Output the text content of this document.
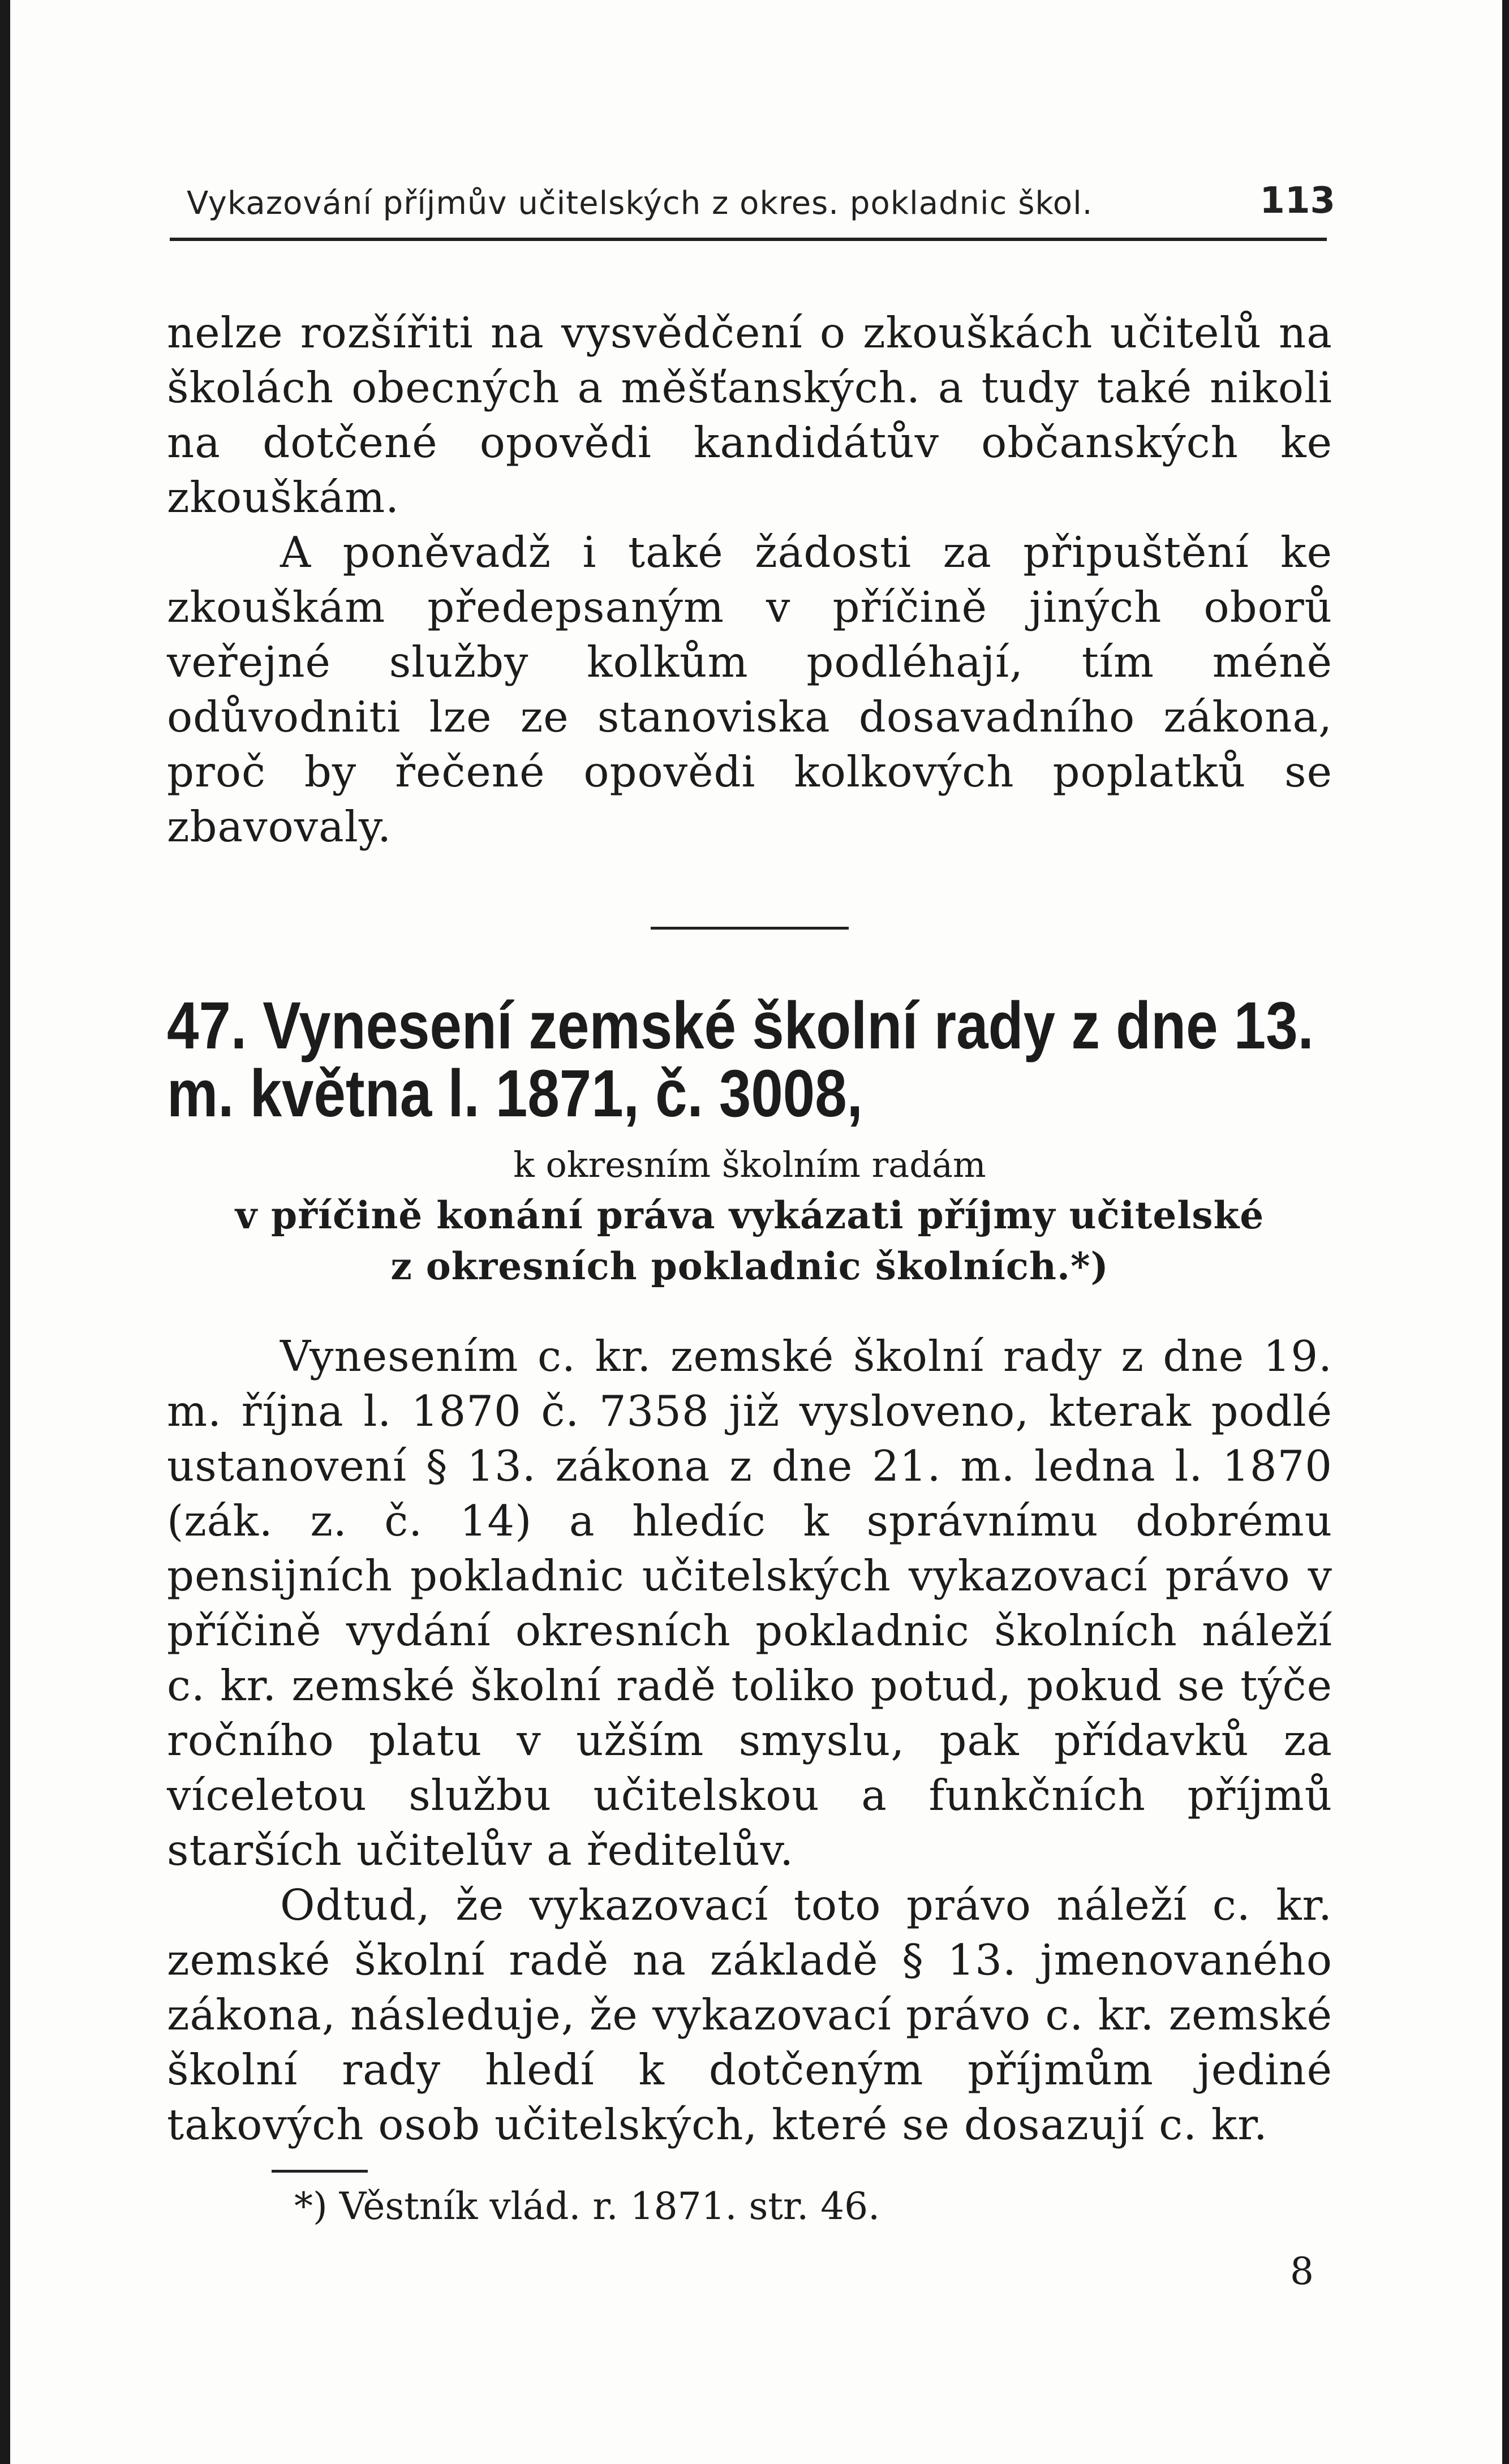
Vykazování příjmův učitelských z okres. pokladnic škol.	113

nelze rozšířiti na vysvědčení o zkouškách učitelů na školách obecných a měšťanských. a tudy také nikoli na dotčené opovědi kandidátův občanských ke zkouškám.

A poněvadž i také žádosti za připuštění ke zkouškám předepsaným v příčině jiných oborů veřejné služby kolkům podléhají, tím méně odůvodniti lze ze stanoviska dosavadního zákona, proč by řečené opovědi kolkových poplatků se zbavovaly.

47. Vynesení zemské školní rady z dne 13. m. května l. 1871, č. 3008,

k okresním školním radám

v příčině konání práva vykázati příjmy učitelské

z okresních pokladnic školních.*)

Vynesením c. kr. zemské školní rady z dne 19. m. října l. 1870 č. 7358 již vysloveno, kterak podlé ustanovení § 13. zákona z dne 21. m. ledna l. 1870 (zák. z. č. 14) a hledíc k správnímu dobrému pensijních pokladnic učitelských vykazovací právo v příčině vydání okresních pokladnic školních náleží c. kr. zemské školní radě toliko potud, pokud se týče ročního platu v užším smyslu, pak přídavků za víceletou službu učitelskou a funkčních příjmů starších učitelův a ředitelův.

Odtud, že vykazovací toto právo náleží c. kr. zemské školní radě na základě § 13. jmenovaného zákona, následuje, že vykazovací právo c. kr. zemské školní rady hledí k dotčeným příjmům jediné takových osob učitelských, které se dosazují c. kr.

*) Věstník vlád. r. 1871. str. 46.
8
